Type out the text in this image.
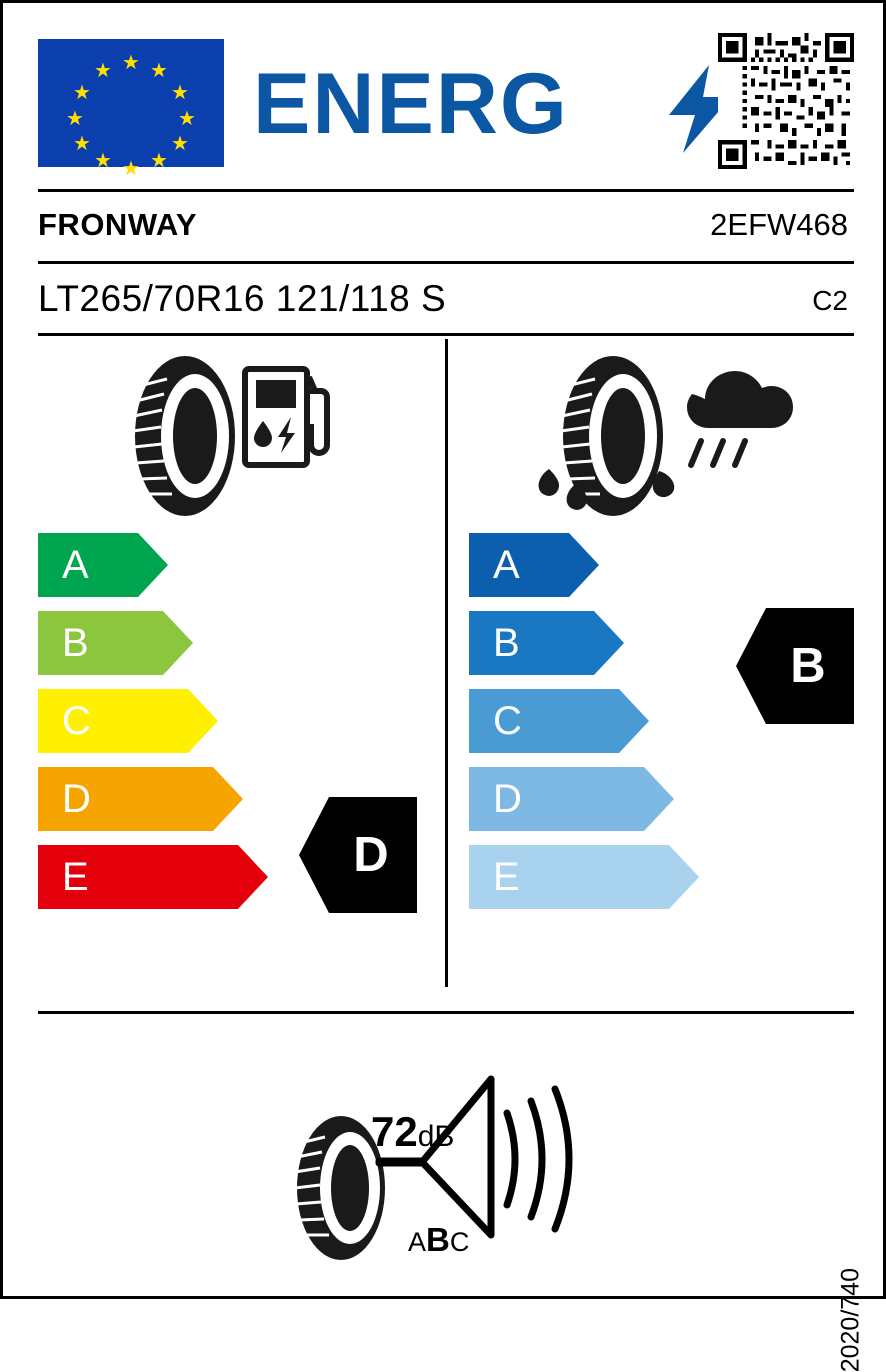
★
★ ★
★	★
★	★
★	★
★ ★
★
ENERG
FRONWAY	2EFW468
LT265/70R16 121/118 S	C2
A
B
C
D
E
A
B
C
D
E
D
B
72dB
ABC
2020/740
